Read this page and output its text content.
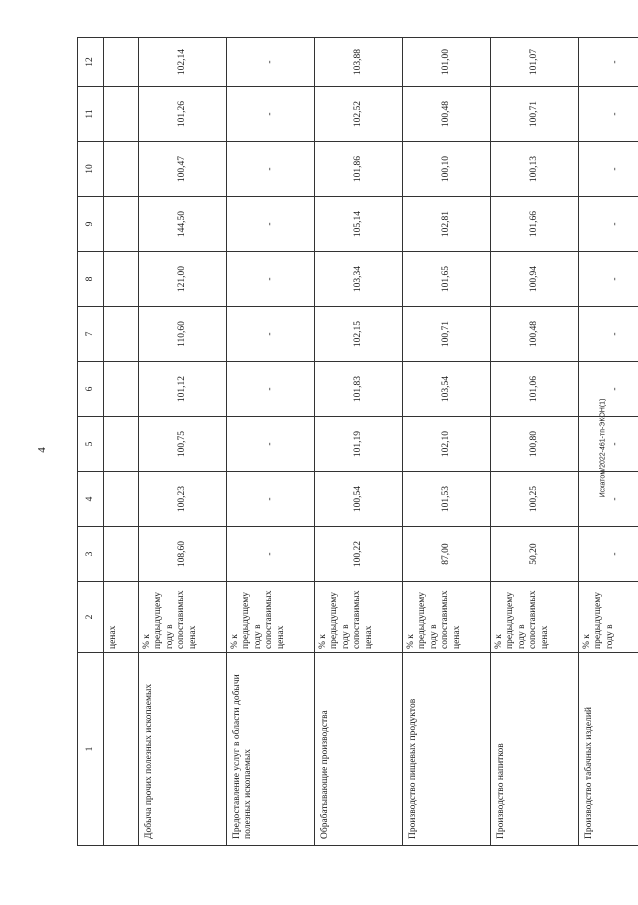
4	Исхатом/2022-461-тп-ЭКОН(1)
1	2	3	4	5	6	7	8	9	10	11	12
	ценах										
Добыча прочих полезных ископаемых	% к предыдущему году в сопоставимых ценах	108,60	100,23	100,75	101,12	110,60	121,00	144,50	100,47	101,26	102,14
Предоставление услуг в области добычи полезных ископаемых	% к предыдущему году в сопоставимых ценах	-	-	-	-	-	-	-	-	-	-
Обрабатывающие производства	% к предыдущему году в сопоставимых ценах	100,22	100,54	101,19	101,83	102,15	103,34	105,14	101,86	102,52	103,88
Производство пищевых продуктов	% к предыдущему году в сопоставимых ценах	87,00	101,53	102,10	103,54	100,71	101,65	102,81	100,10	100,48	101,00
Производство напитков	% к предыдущему году в сопоставимых ценах	50,20	100,25	100,80	101,06	100,48	100,94	101,66	100,13	100,71	101,07
Производство табачных изделий	% к предыдущему году в	-	-	-	-	-	-	-	-	-	-
